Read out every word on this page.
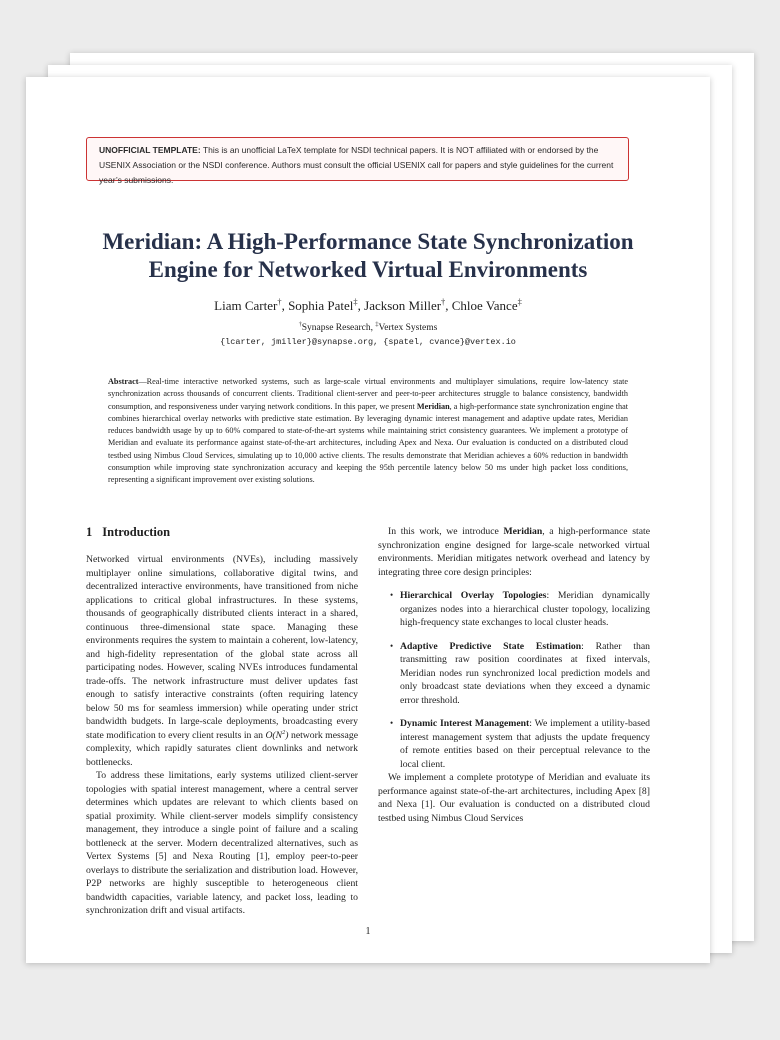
UNOFFICIAL TEMPLATE: This is an unofficial LaTeX template for NSDI technical papers. It is NOT affiliated with or endorsed by the USENIX Association or the NSDI conference. Authors must consult the official USENIX call for papers and style guidelines for the current year’s submissions.
Meridian: A High-Performance State Synchronization
Engine for Networked Virtual Environments
Liam Carter†, Sophia Patel‡, Jackson Miller†, Chloe Vance‡
†Synapse Research, ‡Vertex Systems
{lcarter, jmiller}@synapse.org, {spatel, cvance}@vertex.io
Abstract—Real-time interactive networked systems, such as large-scale virtual environments and multiplayer simulations, require low-latency state synchronization across thousands of concurrent clients. Traditional client-server and peer-to-peer architectures struggle to balance consistency, bandwidth consumption, and responsiveness under varying network conditions. In this paper, we present Meridian, a high-performance state synchronization engine that combines hierarchical overlay networks with predictive state estimation. By leveraging dynamic interest management and adaptive update rates, Meridian reduces bandwidth usage by up to 60% compared to state-of-the-art systems while maintaining strict consistency guarantees. We implement a prototype of Meridian and evaluate its performance against state-of-the-art architectures, including Apex and Nexa. Our evaluation is conducted on a distributed cloud testbed using Nimbus Cloud Services, simulating up to 10,000 active clients. The results demonstrate that Meridian achieves a 60% reduction in bandwidth consumption while improving state synchronization accuracy and keeping the 95th percentile latency below 50 ms under high packet loss conditions, representing a significant improvement over existing solutions.
1 Introduction

Networked virtual environments (NVEs), including massively multiplayer online simulations, collaborative digital twins, and decentralized interactive environments, have transitioned from niche applications to critical global infrastructures. In these systems, thousands of geographically distributed clients interact in a shared, continuous three-dimensional state space. Managing these environments requires the system to maintain a coherent, low-latency, and high-fidelity representation of the global state across all participating nodes. However, scaling NVEs introduces fundamental trade-offs. The network infrastructure must deliver updates fast enough to satisfy interactive constraints (often requiring latency below 50 ms for seamless immersion) while operating under strict bandwidth budgets. In large-scale deployments, broadcasting every state modification to every client results in an $O(N^2)$ network message complexity, which rapidly saturates client downlinks and network bottlenecks.

To address these limitations, early systems utilized client-server topologies with spatial interest management, where a central server determines which updates are relevant to which clients based on spatial proximity. While client-server models simplify consistency management, they introduce a single point of failure and a scaling bottleneck at the server. Modern decentralized alternatives, such as Vertex Systems [5] and Nexa Routing [1], employ peer-to-peer overlays to distribute the serialization and distribution load. However, P2P networks are highly susceptible to heterogeneous client bandwidth capacities, variable latency, and packet loss, leading to synchronization drift and visual artifacts.

In this work, we introduce Meridian, a high-performance state synchronization engine designed for large-scale networked virtual environments. Meridian mitigates network overhead and latency by integrating three core design principles:

• Hierarchical Overlay Topologies: Meridian dynamically organizes nodes into a hierarchical cluster topology, localizing high-frequency state exchanges to local cluster heads.
• Adaptive Predictive State Estimation: Rather than transmitting raw position coordinates at fixed intervals, Meridian nodes run synchronized local prediction models and only broadcast state deviations when they exceed a dynamic error threshold.
• Dynamic Interest Management: We implement a utility-based interest management system that adjusts the update frequency of remote entities based on their perceptual relevance to the local client.

We implement a complete prototype of Meridian and evaluate its performance against state-of-the-art architectures, including Apex [8] and Nexa [1]. Our evaluation is conducted on a distributed cloud testbed using Nimbus Cloud Services

1
